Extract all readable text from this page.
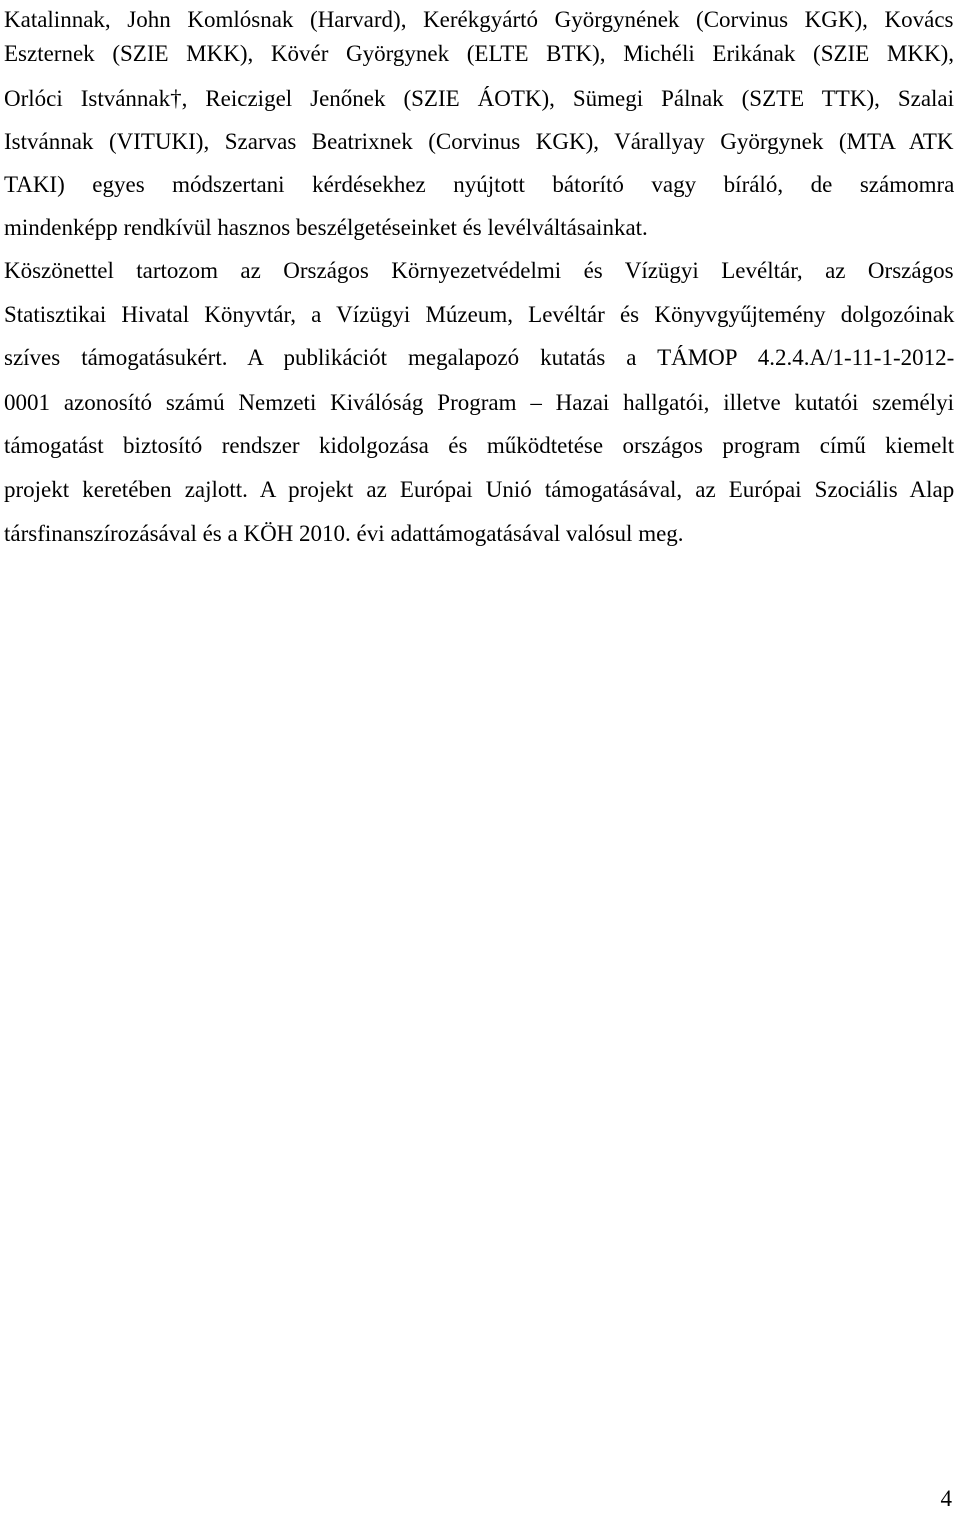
Katalinnak, John Komlósnak (Harvard), Kerékgyártó Györgynének (Corvinus KGK), Kovács
Eszternek (SZIE MKK), Kövér Györgynek (ELTE BTK), Michéli Erikának (SZIE MKK),
Orlóci Istvánnak†, Reiczigel Jenőnek (SZIE ÁOTK), Sümegi Pálnak (SZTE TTK), Szalai
Istvánnak (VITUKI), Szarvas Beatrixnek (Corvinus KGK), Várallyay Györgynek (MTA ATK
TAKI) egyes módszertani kérdésekhez nyújtott bátorító vagy bíráló, de számomra
mindenképp rendkívül hasznos beszélgetéseinket és levélváltásainkat.
Köszönettel tartozom az Országos Környezetvédelmi és Vízügyi Levéltár, az Országos
Statisztikai Hivatal Könyvtár, a Vízügyi Múzeum, Levéltár és Könyvgyűjtemény dolgozóinak
szíves támogatásukért. A publikációt megalapozó kutatás a TÁMOP 4.2.4.A/1-11-1-2012-
0001 azonosító számú Nemzeti Kiválóság Program – Hazai hallgatói, illetve kutatói személyi
támogatást biztosító rendszer kidolgozása és működtetése országos program című kiemelt
projekt keretében zajlott. A projekt az Európai Unió támogatásával, az Európai Szociális Alap
társfinanszírozásával és a KÖH 2010. évi adattámogatásával valósul meg.
4
